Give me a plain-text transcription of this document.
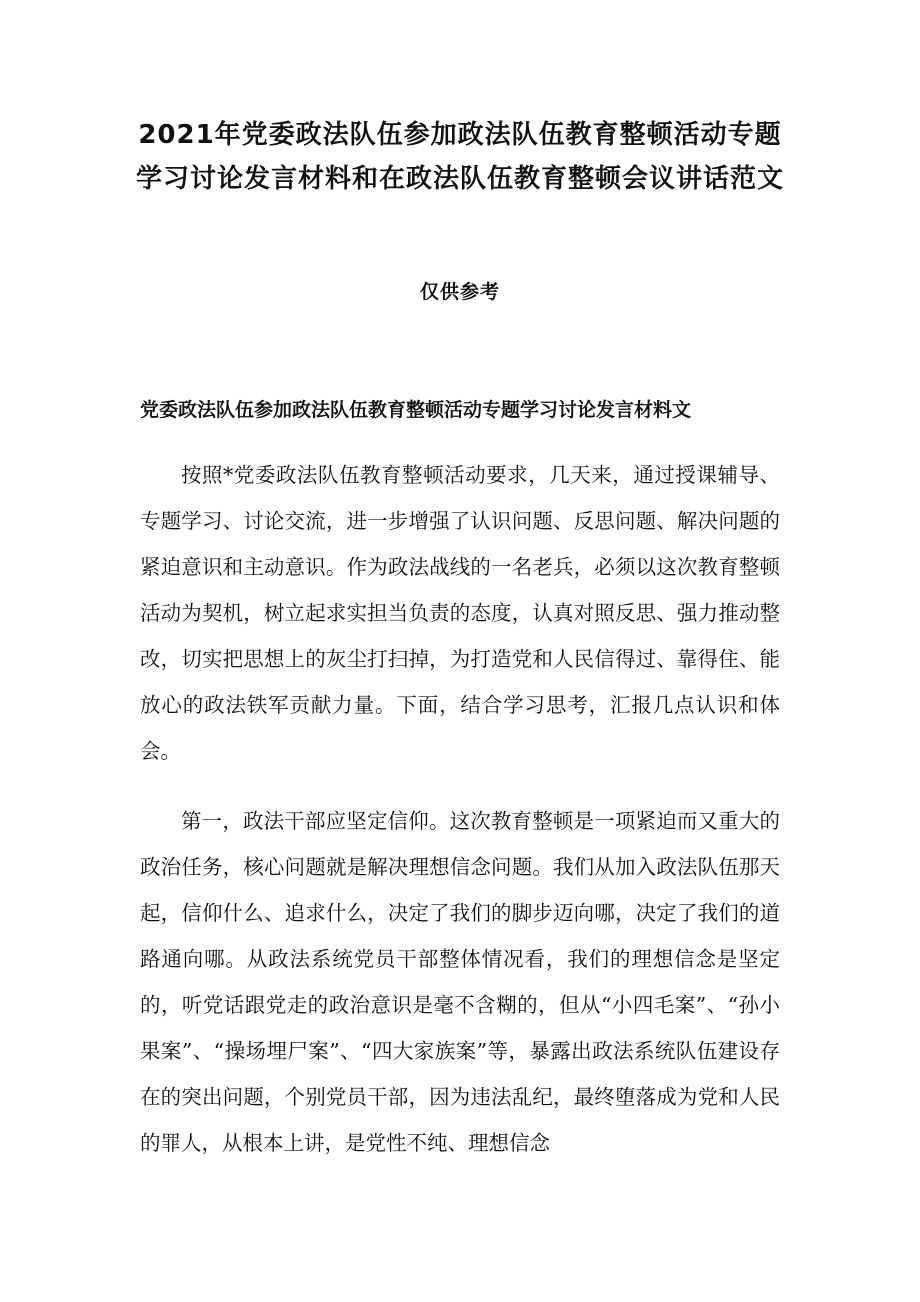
2021年党委政法队伍参加政法队伍教育整顿活动专题学习讨论发言材料和在政法队伍教育整顿会议讲话范文
仅供参考
党委政法队伍参加政法队伍教育整顿活动专题学习讨论发言材料文

按照*党委政法队伍教育整顿活动要求，几天来，通过授课辅导、专题学习、讨论交流，进一步增强了认识问题、反思问题、解决问题的紧迫意识和主动意识。作为政法战线的一名老兵，必须以这次教育整顿活动为契机，树立起求实担当负责的态度，认真对照反思、强力推动整改，切实把思想上的灰尘打扫掉，为打造党和人民信得过、靠得住、能放心的政法铁军贡献力量。下面，结合学习思考，汇报几点认识和体会。

第一，政法干部应坚定信仰。这次教育整顿是一项紧迫而又重大的政治任务，核心问题就是解决理想信念问题。我们从加入政法队伍那天起，信仰什么、追求什么，决定了我们的脚步迈向哪，决定了我们的道路通向哪。从政法系统党员干部整体情况看，我们的理想信念是坚定的，听党话跟党走的政治意识是毫不含糊的，但从“小四毛案”、“孙小果案”、“操场埋尸案”、“四大家族案”等，暴露出政法系统队伍建设存在的突出问题，个别党员干部，因为违法乱纪，最终堕落成为党和人民的罪人，从根本上讲，是党性不纯、理想信念
